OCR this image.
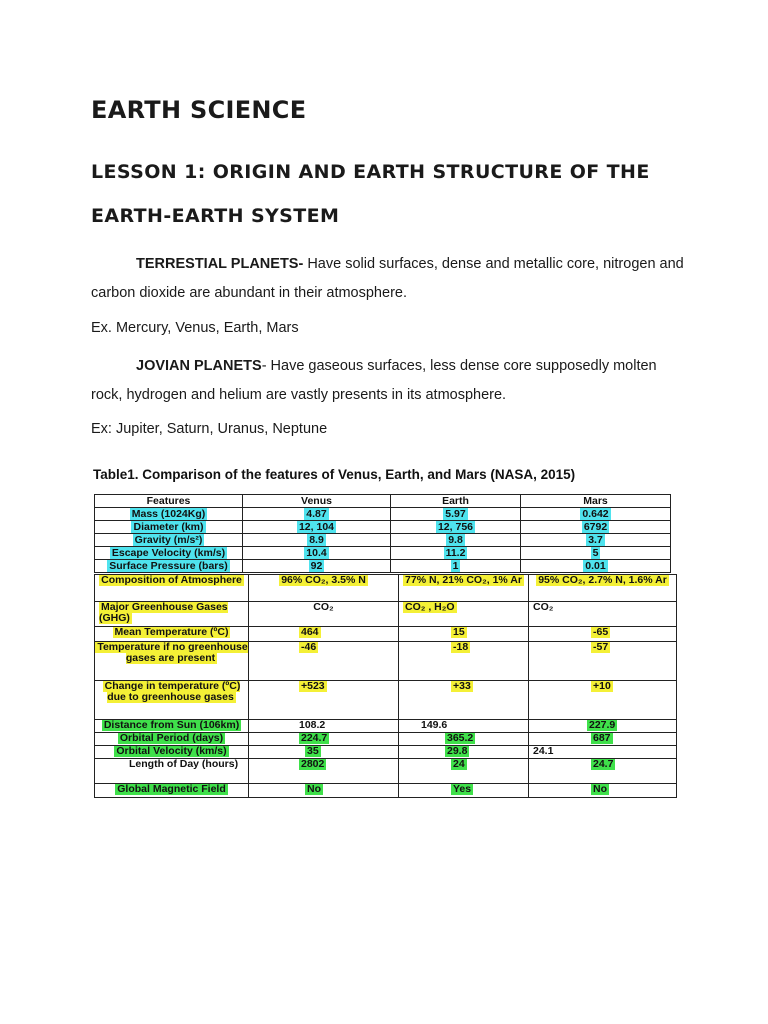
EARTH SCIENCE
LESSON 1: ORIGIN AND EARTH STRUCTURE OF THE
EARTH-EARTH SYSTEM

TERRESTIAL PLANETS- Have solid surfaces, dense and metallic core, nitrogen and carbon dioxide are abundant in their atmosphere.

Ex. Mercury, Venus, Earth, Mars

JOVIAN PLANETS- Have gaseous surfaces, less dense core supposedly molten rock, hydrogen and helium are vastly presents in its atmosphere.

Ex: Jupiter, Saturn, Uranus, Neptune

Table1. Comparison of the features of Venus, Earth, and Mars (NASA, 2015)

Features	Venus	Earth	Mars
Mass (1024Kg)	4.87	5.97	0.642
Diameter (km)	12, 104	12, 756	6792
Gravity (m/s²)	8.9	9.8	3.7
Escape Velocity (km/s)	10.4	11.2	5
Surface Pressure (bars)	92	1	0.01
Composition of Atmosphere	96% CO₂, 3.5% N	77% N, 21% CO₂, 1% Ar	95% CO₂, 2.7% N, 1.6% Ar
Major Greenhouse Gases (GHG)	CO₂	CO₂ , H₂O	CO₂
Mean Temperature (ºC)	464	15	-65
Temperature if no greenhouse gases are present	-46	-18	-57
Change in temperature (ºC) due to greenhouse gases	+523	+33	+10
Distance from Sun (106km)	108.2	149.6	227.9
Orbital Period (days)	224.7	365.2	687
Orbital Velocity (km/s)	35	29.8	24.1
Length of Day (hours)	2802	24	24.7
Global Magnetic Field	No	Yes	No
